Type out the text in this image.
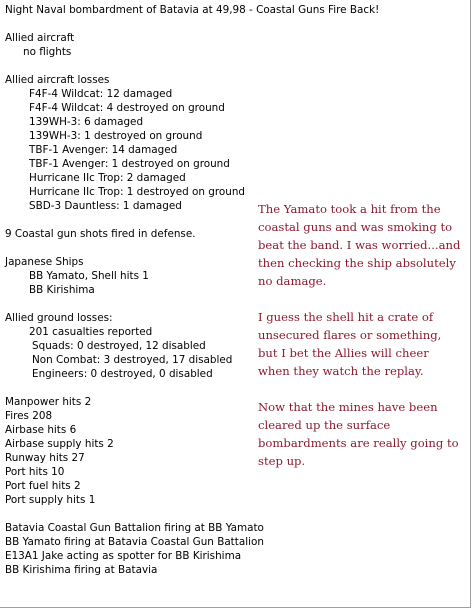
Night Naval bombardment of Batavia at 49,98 - Coastal Guns Fire Back!
Allied aircraft
no flights
Allied aircraft losses
F4F-4 Wildcat: 12 damaged
F4F-4 Wildcat: 4 destroyed on ground
139WH-3: 6 damaged
139WH-3: 1 destroyed on ground
TBF-1 Avenger: 14 damaged
TBF-1 Avenger: 1 destroyed on ground
Hurricane IIc Trop: 2 damaged
Hurricane IIc Trop: 1 destroyed on ground
SBD-3 Dauntless: 1 damaged
9 Coastal gun shots fired in defense.
Japanese Ships
BB Yamato, Shell hits 1
BB Kirishima
Allied ground losses:
201 casualties reported
Squads: 0 destroyed, 12 disabled
Non Combat: 3 destroyed, 17 disabled
Engineers: 0 destroyed, 0 disabled
Manpower hits 2
Fires 208
Airbase hits 6
Airbase supply hits 2
Runway hits 27
Port hits 10
Port fuel hits 2
Port supply hits 1
Batavia Coastal Gun Battalion firing at BB Yamato
BB Yamato firing at Batavia Coastal Gun Battalion
E13A1 Jake acting as spotter for BB Kirishima
BB Kirishima firing at Batavia

The Yamato took a hit from the coastal guns and was smoking to beat the band. I was worried...and then checking the ship absolutely no damage.

I guess the shell hit a crate of unsecured flares or something, but I bet the Allies will cheer when they watch the replay.

Now that the mines have been cleared up the surface bombardments are really going to step up.
